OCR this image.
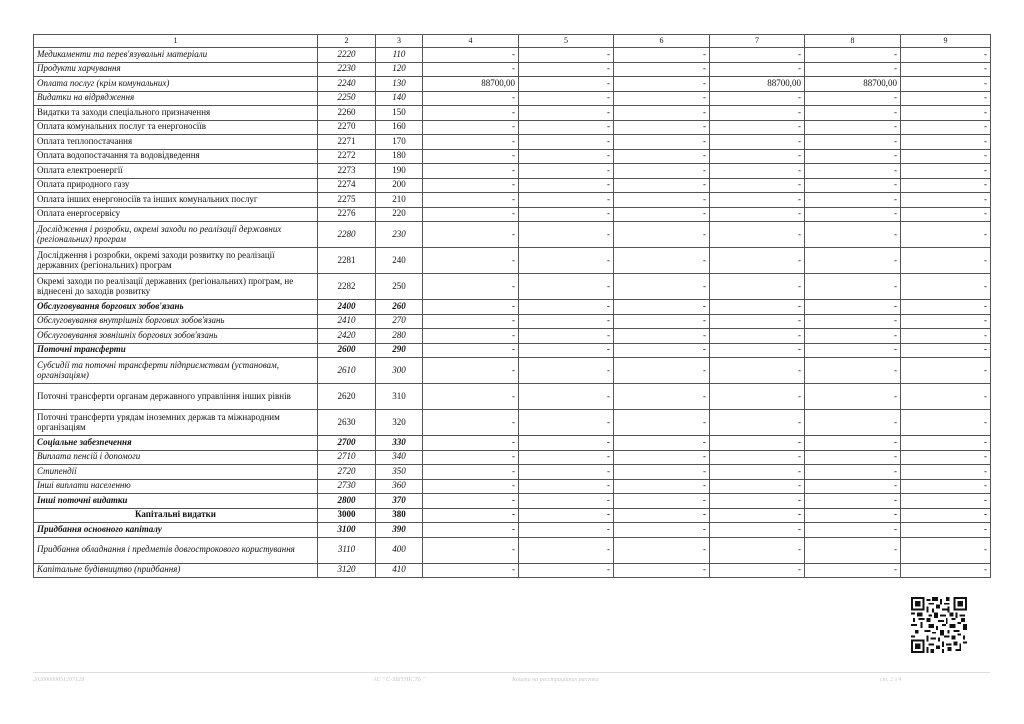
1	2	3	4	5	6	7	8	9
Медикаменти та перев'язувальні матеріали	2220	110	-	-	-	-	-	-
Продукти харчування	2230	120	-	-	-	-	-	-
Оплата послуг (крім комунальних)	2240	130	88700,00	-	-	88700,00	88700,00	-
Видатки на відрядження	2250	140	-	-	-	-	-	-
Видатки та заходи спеціального призначення	2260	150	-	-	-	-	-	-
Оплата комунальних послуг та енергоносіїв	2270	160	-	-	-	-	-	-
Оплата теплопостачання	2271	170	-	-	-	-	-	-
Оплата водопостачання та водовідведення	2272	180	-	-	-	-	-	-
Оплата електроенергії	2273	190	-	-	-	-	-	-
Оплата природного газу	2274	200	-	-	-	-	-	-
Оплата інших енергоносіїв та інших комунальних послуг	2275	210	-	-	-	-	-	-
Оплата енергосервісу	2276	220	-	-	-	-	-	-
Дослідження і розробки, окремі заходи по реалізації державних (регіональних) програм	2280	230	-	-	-	-	-	-
Дослідження і розробки, окремі заходи розвитку по реалізації державних (регіональних) програм	2281	240	-	-	-	-	-	-
Окремі заходи по реалізації державних (регіональних) програм, не віднесені до заходів розвитку	2282	250	-	-	-	-	-	-
Обслуговування боргових зобов'язань	2400	260	-	-	-	-	-	-
Обслуговування внутрішніх боргових зобов'язань	2410	270	-	-	-	-	-	-
Обслуговування зовнішніх боргових зобов'язань	2420	280	-	-	-	-	-	-
Поточні трансферти	2600	290	-	-	-	-	-	-
Субсидії та поточні трансферти підприємствам (установам, організаціям)	2610	300	-	-	-	-	-	-
Поточні трансферти органам державного управління інших рівнів	2620	310	-	-	-	-	-	-
Поточні трансферти урядам іноземних держав та міжнародним організаціям	2630	320	-	-	-	-	-	-
Соціальне забезпечення	2700	330	-	-	-	-	-	-
Виплата пенсій і допомоги	2710	340	-	-	-	-	-	-
Стипендії	2720	350	-	-	-	-	-	-
Інші виплати населенню	2730	360	-	-	-	-	-	-
Інші поточні видатки	2800	370	-	-	-	-	-	-
Капітальні видатки	3000	380	-	-	-	-	-	-
Придбання основного капіталу	3100	390	-	-	-	-	-	-
Придбання обладнання і предметів довгострокового користування	3110	400	-	-	-	-	-	-
Капітальне будівництво (придбання)	3120	410	-	-	-	-	-	-
20260000051207128	АС " Є-ЗВІТНІСТЬ "	Кошти на реєстраційних рахунка	ст. 2 з 4
